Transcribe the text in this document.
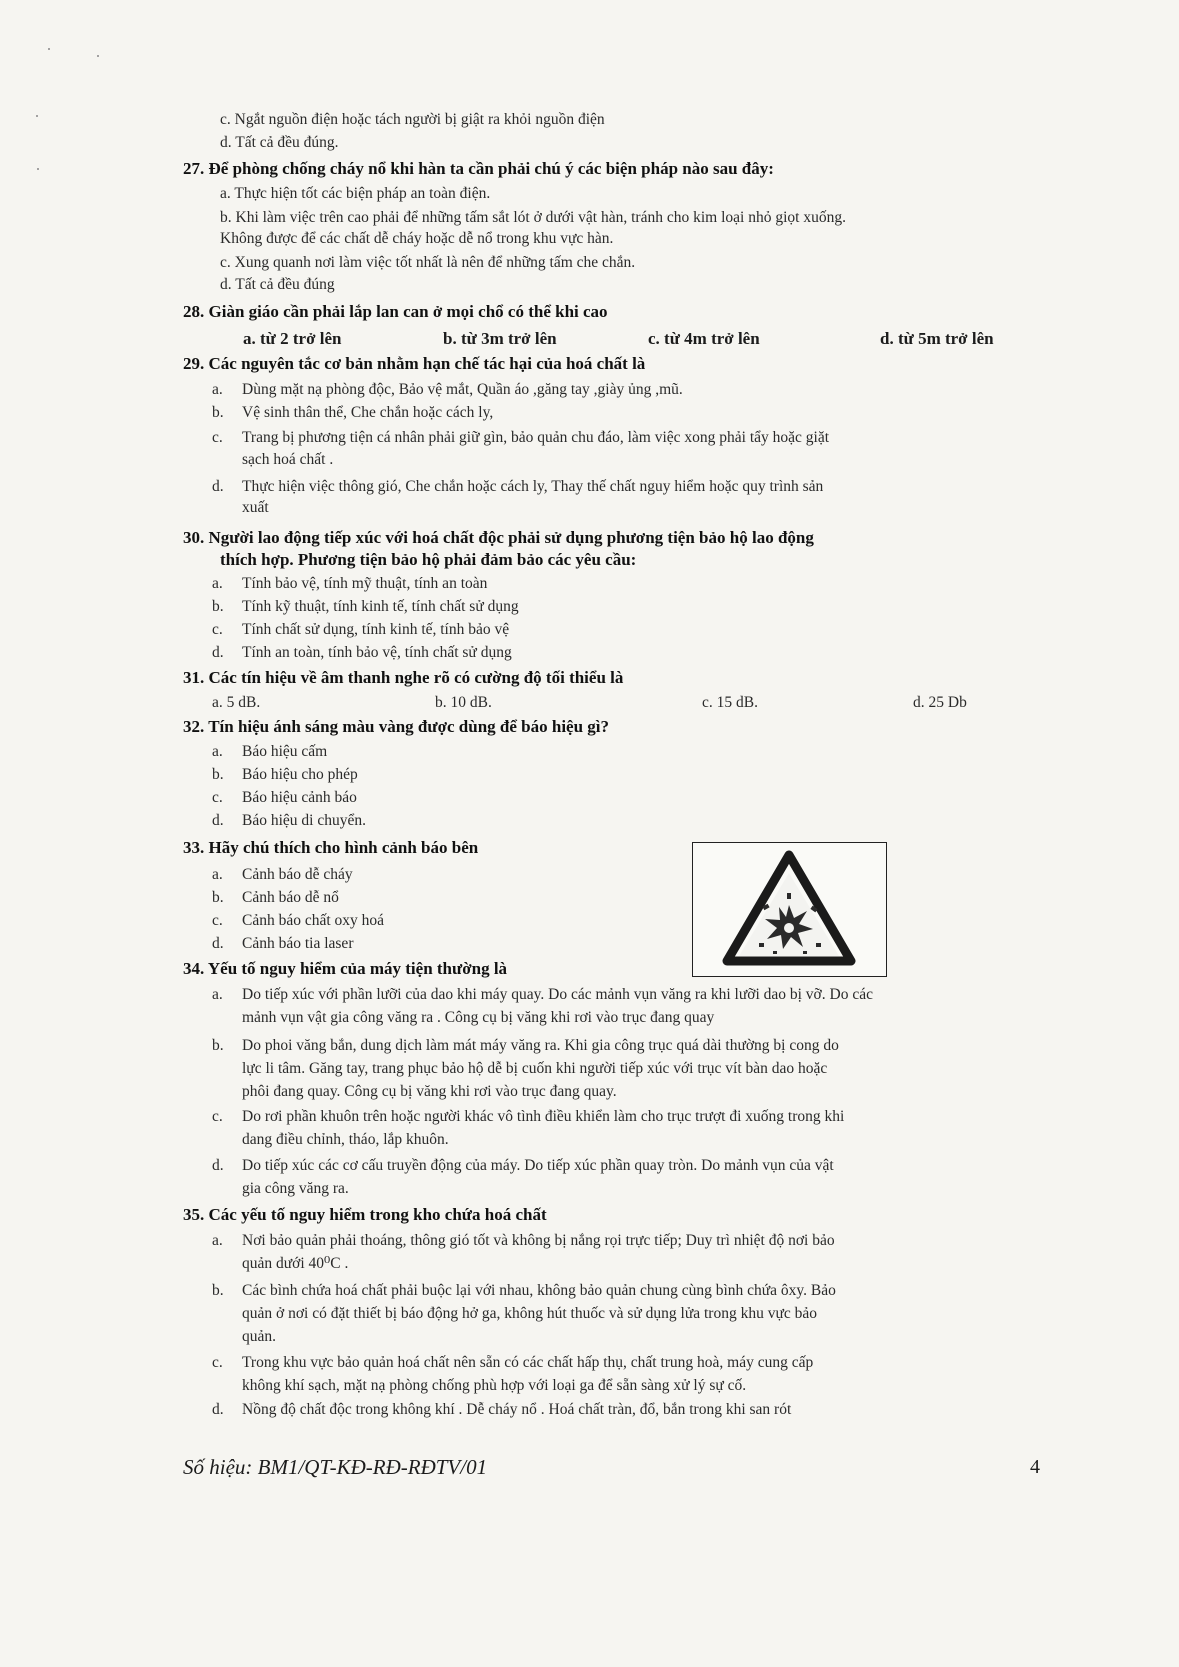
c. Ngắt nguồn điện hoặc tách người bị giật ra khỏi nguồn điện
d. Tất cả đều đúng.
27. Để phòng chống cháy nổ khi hàn ta cần phải chú ý các biện pháp nào sau đây:
a. Thực hiện tốt các biện pháp an toàn điện.
b. Khi làm việc trên cao phải để những tấm sắt lót ở dưới vật hàn, tránh cho kim loại nhỏ giọt xuống.
Không được để các chất dễ cháy hoặc dễ nổ trong khu vực hàn.
c. Xung quanh nơi làm việc tốt nhất là nên để những tấm che chắn.
d. Tất cả đều đúng
28. Giàn giáo cần phải lắp lan can ở mọi chổ có thể khi cao
a. từ 2 trở lên	b. từ 3m trở lên	c. từ 4m trở lên	d. từ 5m trở lên
29. Các nguyên tắc cơ bản nhằm hạn chế tác hại của hoá chất là
a. Dùng mặt nạ phòng độc, Bảo vệ mắt, Quần áo ,găng tay ,giày ủng ,mũ.
b. Vệ sinh thân thể, Che chắn hoặc cách ly,
c. Trang bị phương tiện cá nhân phải giữ gìn, bảo quản chu đáo, làm việc xong phải tẩy hoặc giặt
sạch hoá chất .
d. Thực hiện việc thông gió, Che chắn hoặc cách ly, Thay thế chất nguy hiểm hoặc quy trình sản
xuất
30. Người lao động tiếp xúc với hoá chất độc phải sử dụng phương tiện bảo hộ lao động
thích hợp. Phương tiện bảo hộ phải đảm bảo các yêu cầu:
a. Tính bảo vệ, tính mỹ thuật, tính an toàn
b. Tính kỹ thuật, tính kinh tế, tính chất sử dụng
c. Tính chất sử dụng, tính kinh tế, tính bảo vệ
d. Tính an toàn, tính bảo vệ, tính chất sử dụng
31. Các tín hiệu về âm thanh nghe rõ có cường độ tối thiểu là
a. 5 dB.	b. 10 dB.	c. 15 dB.	d. 25 Db
32. Tín hiệu ánh sáng màu vàng được dùng để báo hiệu gì?
a. Báo hiệu cấm
b. Báo hiệu cho phép
c. Báo hiệu cảnh báo
d. Báo hiệu di chuyển.
33. Hãy chú thích cho hình cảnh báo bên
a. Cảnh báo dễ cháy
b. Cảnh báo dễ nổ
c. Cảnh báo chất oxy hoá
d. Cảnh báo tia laser
34. Yếu tố nguy hiểm của máy tiện thường là
a. Do tiếp xúc với phần lưỡi của dao khi máy quay. Do các mảnh vụn văng ra khi lưỡi dao bị vỡ. Do các
mảnh vụn vật gia công văng ra . Công cụ bị văng khi rơi vào trục đang quay
b. Do phoi văng bắn, dung dịch làm mát máy văng ra. Khi gia công trục quá dài thường bị cong do
lực li tâm. Găng tay, trang phục bảo hộ dễ bị cuốn khi người tiếp xúc với trục vít bàn dao hoặc
phôi đang quay. Công cụ bị văng khi rơi vào trục đang quay.
c. Do rơi phần khuôn trên hoặc người khác vô tình điều khiển làm cho trục trượt đi xuống trong khi
dang điều chỉnh, tháo, lắp khuôn.
d. Do tiếp xúc các cơ cấu truyền động của máy. Do tiếp xúc phần quay tròn. Do mảnh vụn của vật
gia công văng ra.
35. Các yếu tố nguy hiểm trong kho chứa hoá chất
a. Nơi bảo quản phải thoáng, thông gió tốt và không bị nắng rọi trực tiếp; Duy trì nhiệt độ nơi bảo
quản dưới 40⁰C .
b. Các bình chứa hoá chất phải buộc lại với nhau, không bảo quản chung cùng bình chứa ôxy. Bảo
quản ở nơi có đặt thiết bị báo động hở ga, không hút thuốc và sử dụng lửa trong khu vực bảo
quản.
c. Trong khu vực bảo quản hoá chất nên sẵn có các chất hấp thụ, chất trung hoà, máy cung cấp
không khí sạch, mặt nạ phòng chống phù hợp với loại ga để sẵn sàng xử lý sự cố.
d. Nồng độ chất độc trong không khí . Dễ cháy nổ . Hoá chất tràn, đổ, bắn trong khi san rót
Số hiệu: BM1/QT-KĐ-RĐ-RĐTV/01	4
